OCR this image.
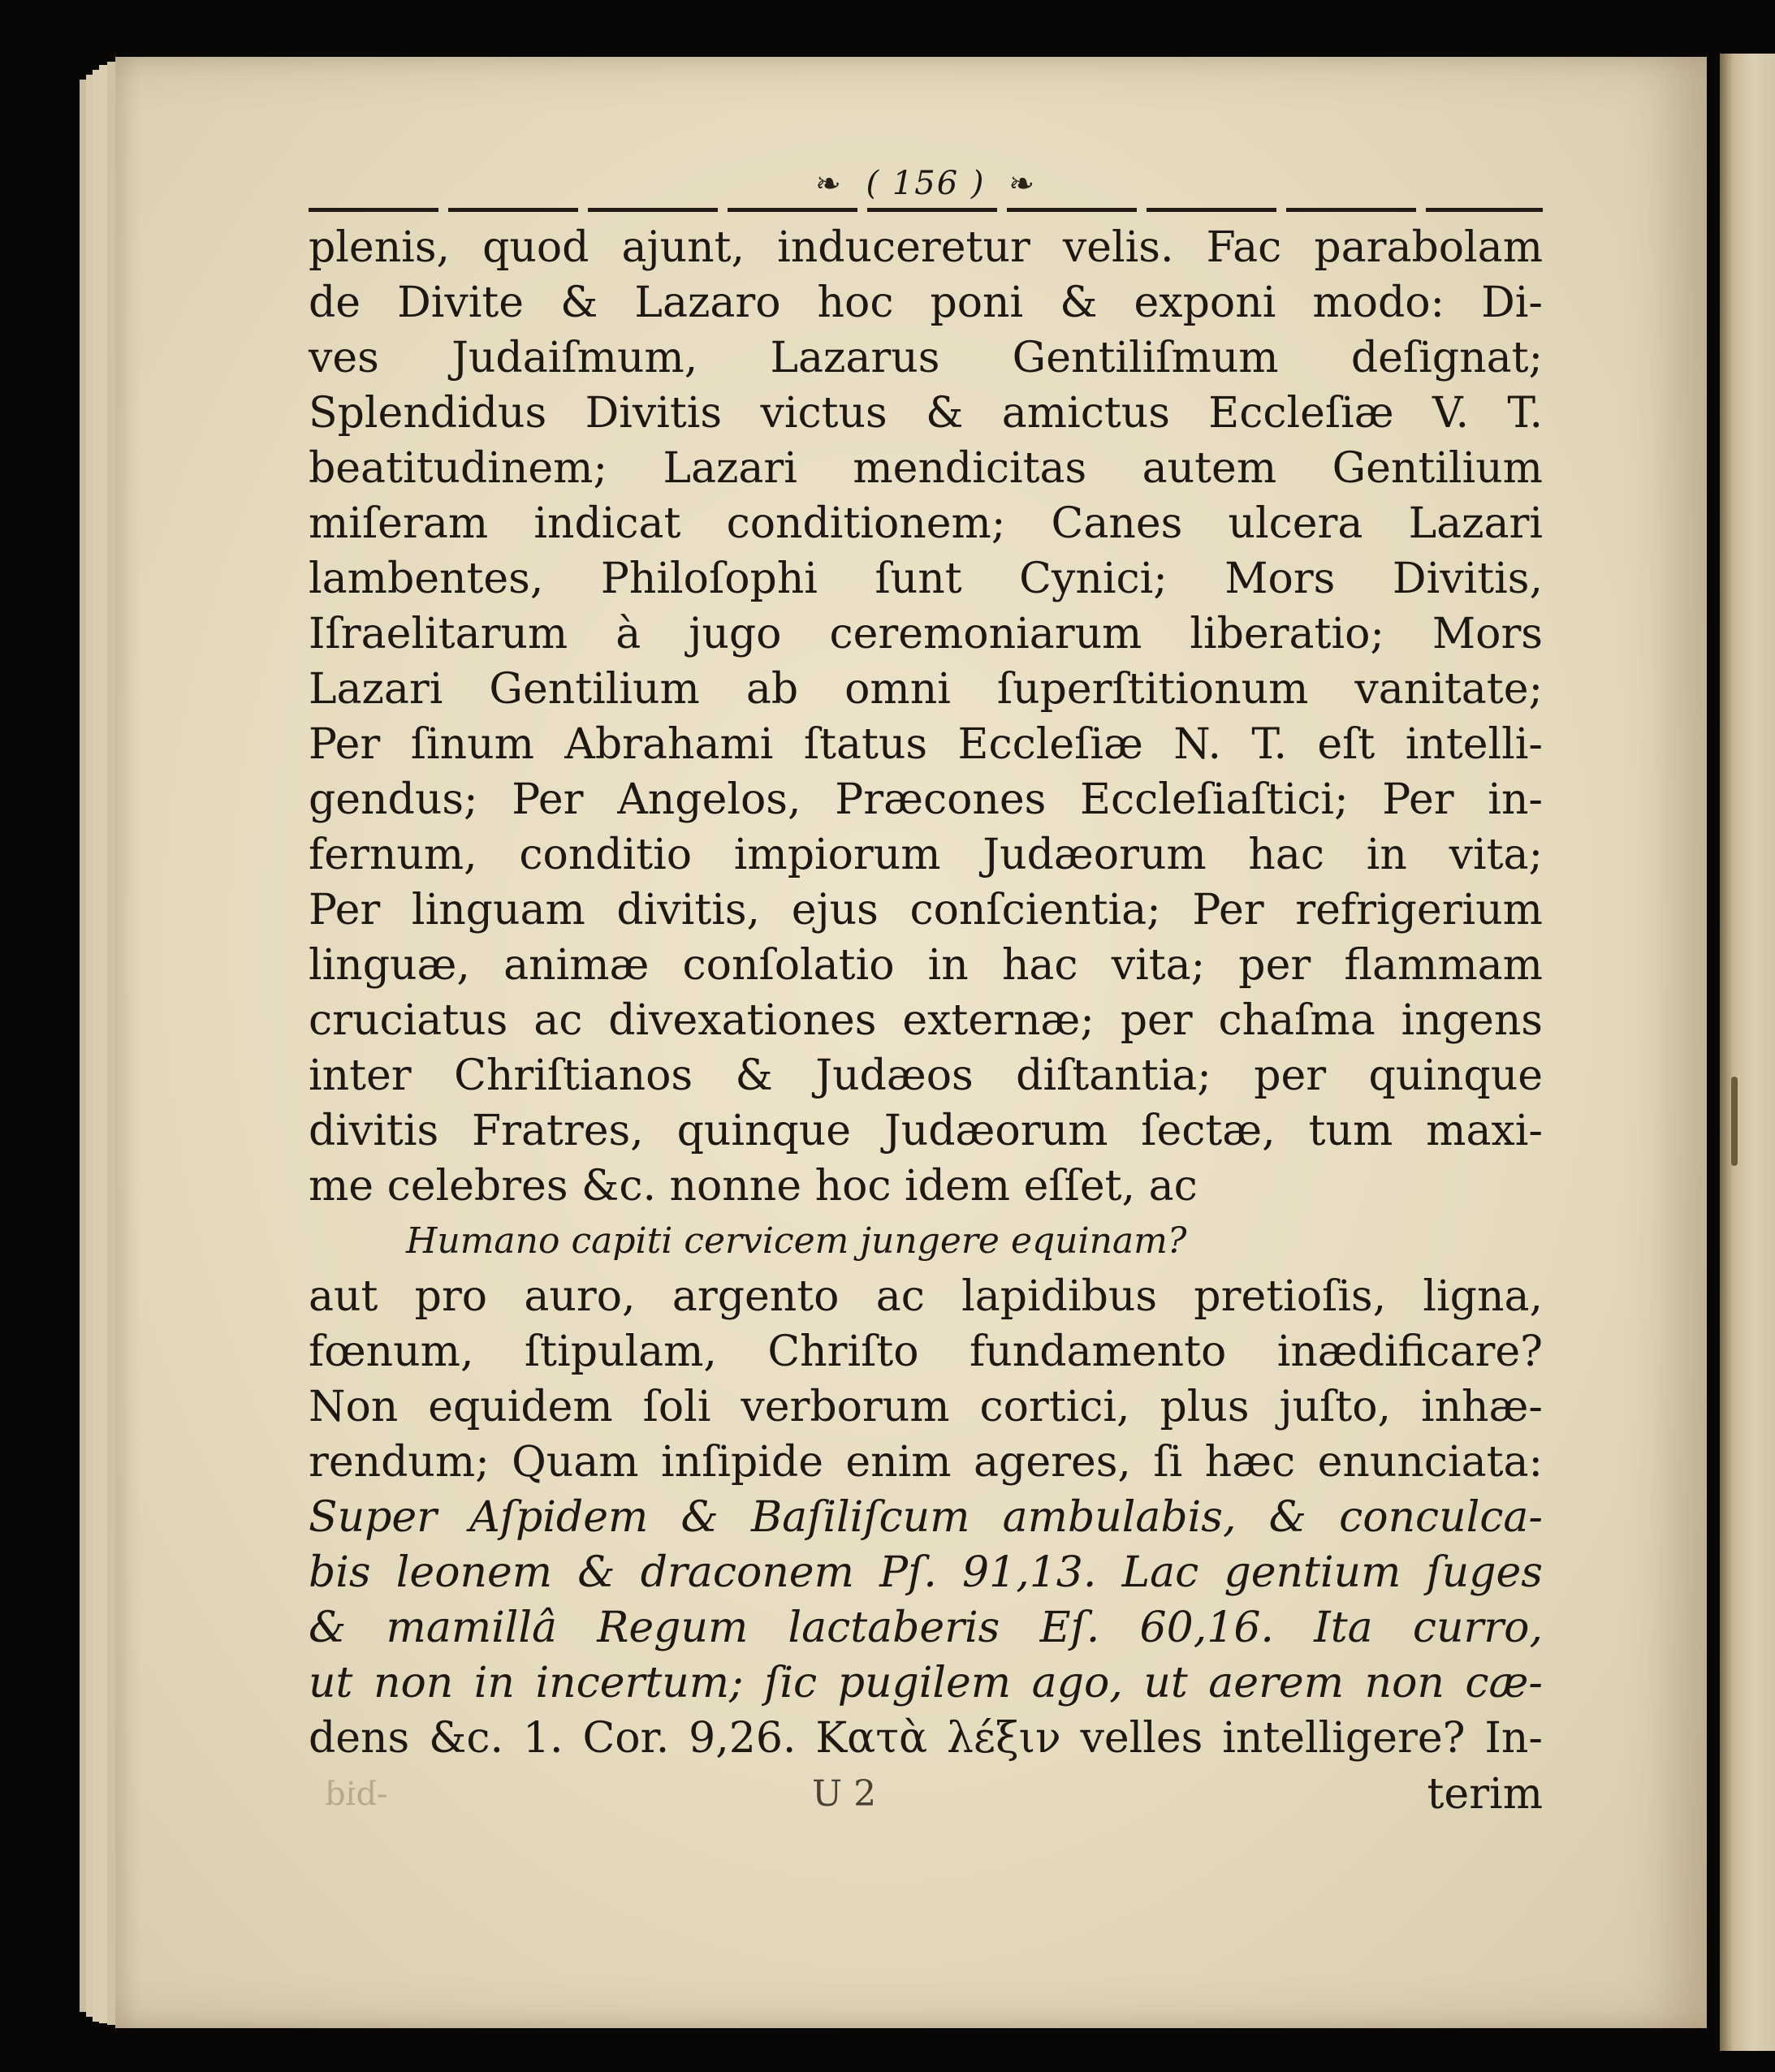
❧ ( 156 ) ❧
plenis, quod ajunt, induceretur velis. Fac parabolam
de Divite & Lazaro hoc poni & exponi modo: Di-
ves Judaiſmum, Lazarus Gentiliſmum deſignat;
Splendidus Divitis victus & amictus Eccleſiæ V. T.
beatitudinem; Lazari mendicitas autem Gentilium
miſeram indicat conditionem; Canes ulcera Lazari
lambentes, Philoſophi ſunt Cynici; Mors Divitis,
Iſraelitarum à jugo ceremoniarum liberatio; Mors
Lazari Gentilium ab omni ſuperſtitionum vanitate;
Per ſinum Abrahami ſtatus Eccleſiæ N. T. eſt intelli-
gendus; Per Angelos, Præcones Eccleſiaſtici; Per in-
fernum, conditio impiorum Judæorum hac in vita;
Per linguam divitis, ejus conſcientia; Per refrigerium
linguæ, animæ conſolatio in hac vita; per flammam
cruciatus ac divexationes externæ; per chaſma ingens
inter Chriſtianos & Judæos diſtantia; per quinque
divitis Fratres, quinque Judæorum ſectæ, tum maxi-
me celebres &c. nonne hoc idem eſſet, ac
Humano capiti cervicem jungere equinam?
aut pro auro, argento ac lapidibus pretioſis, ligna,
fœnum, ſtipulam, Chriſto fundamento inædificare?
Non equidem ſoli verborum cortici, plus juſto, inhæ-
rendum; Quam inſipide enim ageres, ſi hæc enunciata:
Super Aſpidem & Baſiliſcum ambulabis, & conculca-
bis leonem & draconem Pſ. 91,13. Lac gentium ſuges
& mamillâ Regum lactaberis Eſ. 60,16. Ita curro,
ut non in incertum; ſic pugilem ago, ut aerem non cæ-
dens &c. 1. Cor. 9,26. Κατὰ λέξιν velles intelligere? In-
-bid	U 2	terim
